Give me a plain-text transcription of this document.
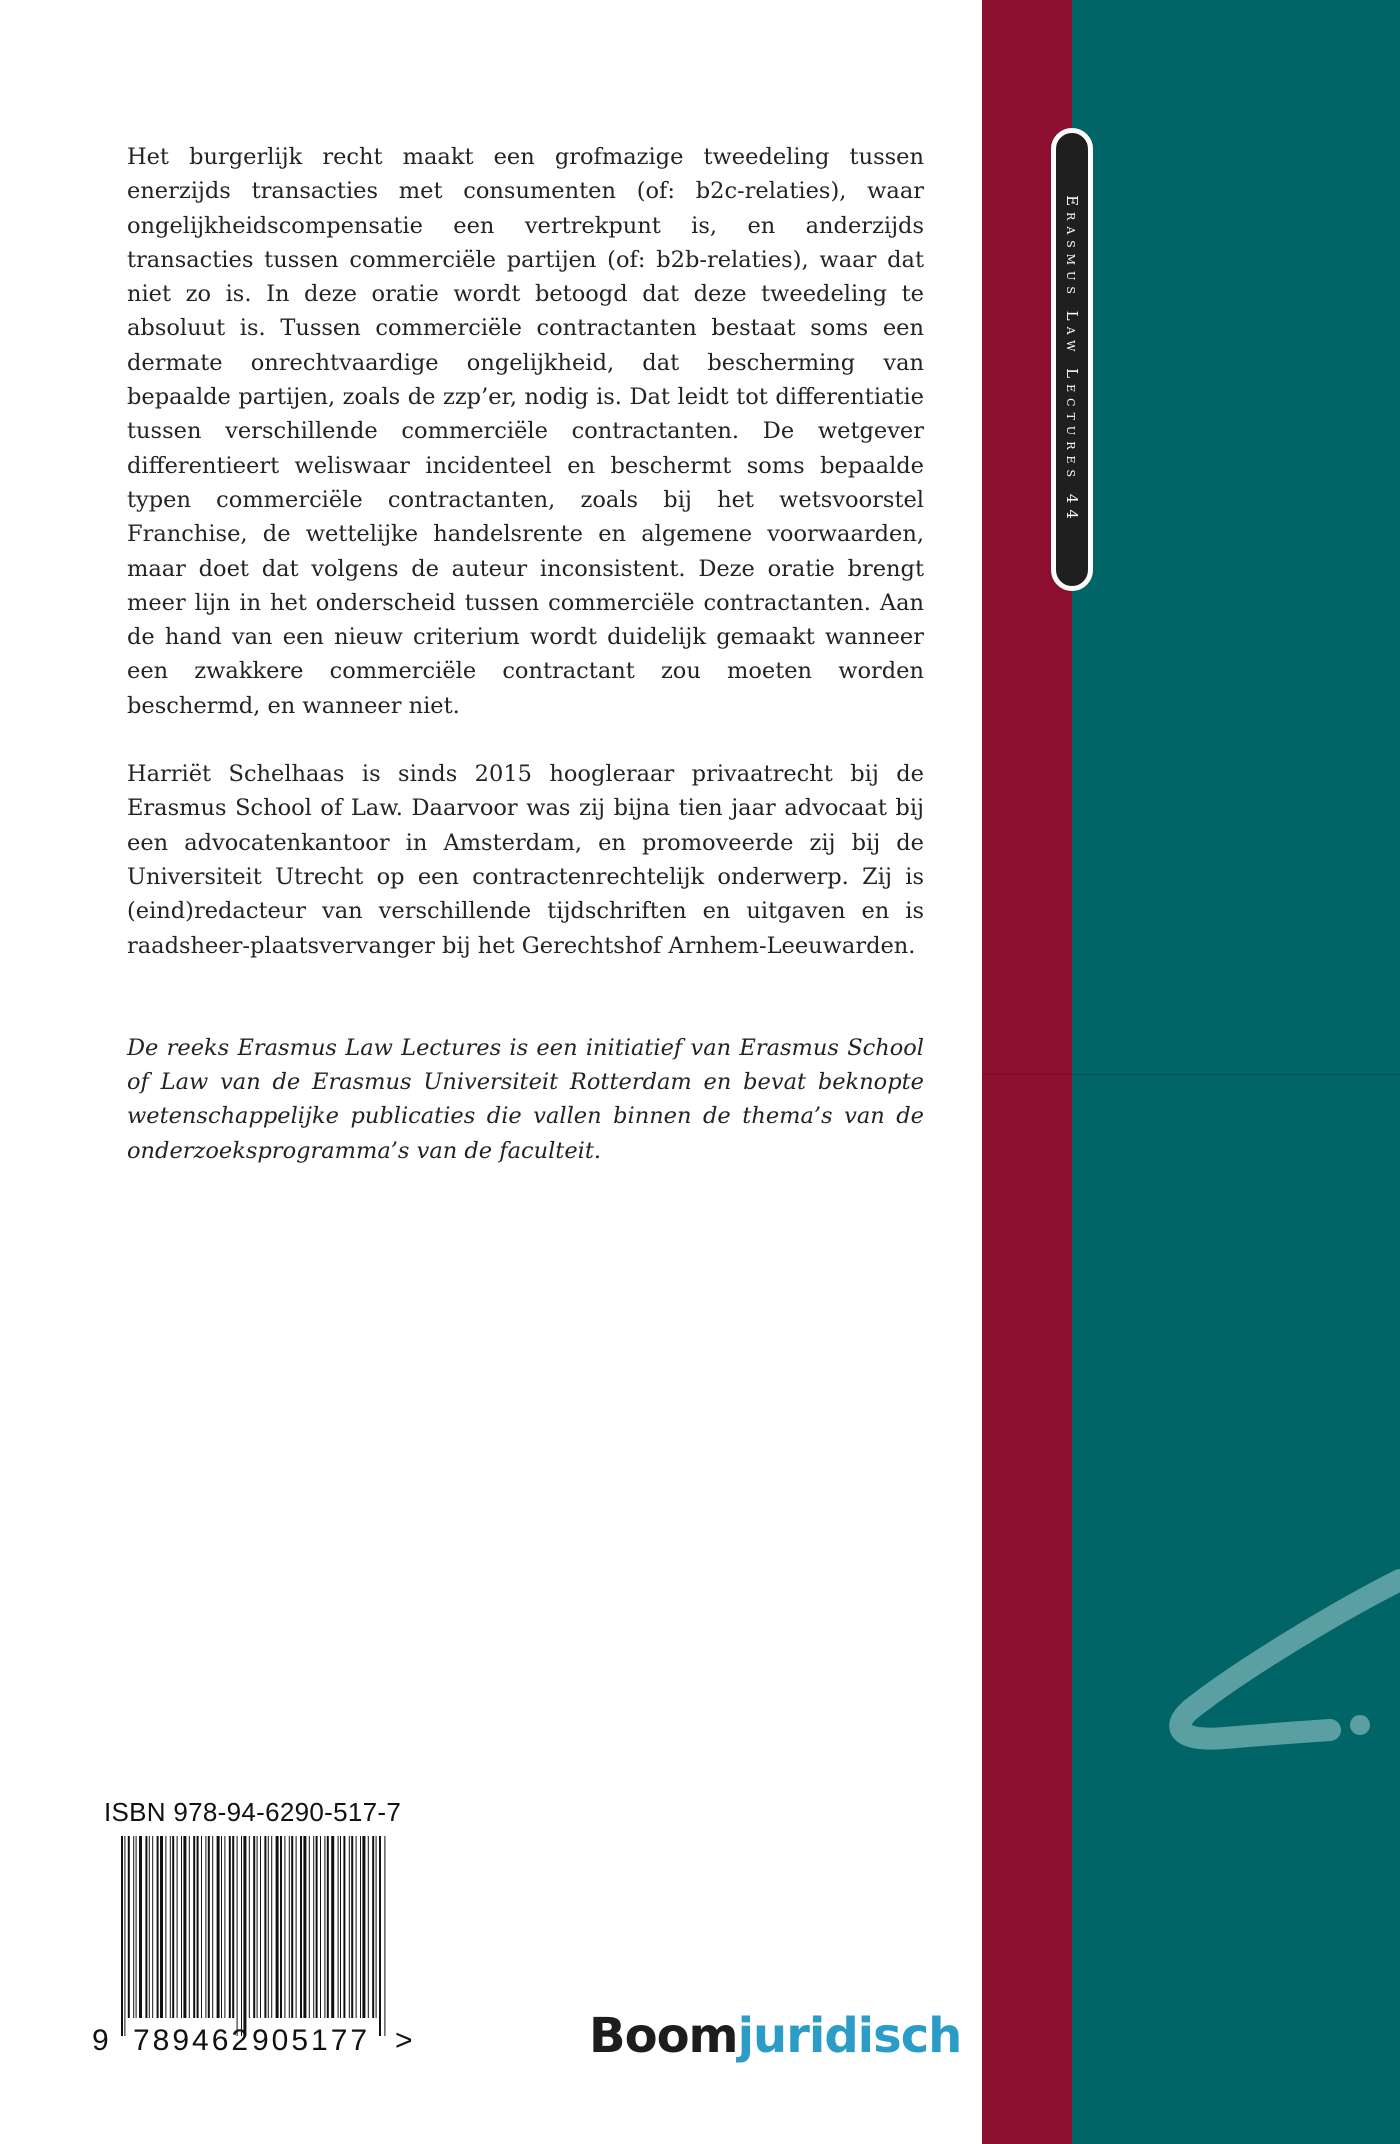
Erasmus Law Lectures 44

Het burgerlijk recht maakt een grofmazige tweedeling tussen enerzijds transacties met consumenten (of: b2c-relaties), waar ongelijkheidscompensatie een vertrekpunt is, en anderzijds transacties tussen commerciële partijen (of: b2b-relaties), waar dat niet zo is. In deze oratie wordt betoogd dat deze tweedeling te absoluut is. Tussen commerciële contractanten bestaat soms een dermate onrechtvaardige ongelijkheid, dat bescherming van bepaalde partijen, zoals de zzp’er, nodig is. Dat leidt tot differentiatie tussen verschillende commerciële contractanten. De wetgever differentieert weliswaar incidenteel en beschermt soms bepaalde typen commerciële contractanten, zoals bij het wetsvoorstel Franchise, de wettelijke handelsrente en algemene voorwaarden, maar doet dat volgens de auteur inconsistent. Deze oratie brengt meer lijn in het onderscheid tussen commerciële contractanten. Aan de hand van een nieuw criterium wordt duidelijk gemaakt wanneer een zwakkere commerciële contractant zou moeten worden beschermd, en wanneer niet.

Harriët Schelhaas is sinds 2015 hoogleraar privaatrecht bij de Erasmus School of Law. Daarvoor was zij bijna tien jaar advocaat bij een advocatenkantoor in Amsterdam, en promoveerde zij bij de Universiteit Utrecht op een contractenrechtelijk onderwerp. Zij is (eind)redacteur van verschillende tijdschriften en uitgaven en is raadsheer-plaatsvervanger bij het Gerechtshof Arnhem-Leeuwarden.

De reeks Erasmus Law Lectures is een initiatief van Erasmus School of Law van de Erasmus Universiteit Rotterdam en bevat beknopte wetenschappelijke publicaties die vallen binnen de thema’s van de onderzoeksprogramma’s van de faculteit.

ISBN 978-94-6290-517-7
9 789462 905177 >	Boomjuridisch
